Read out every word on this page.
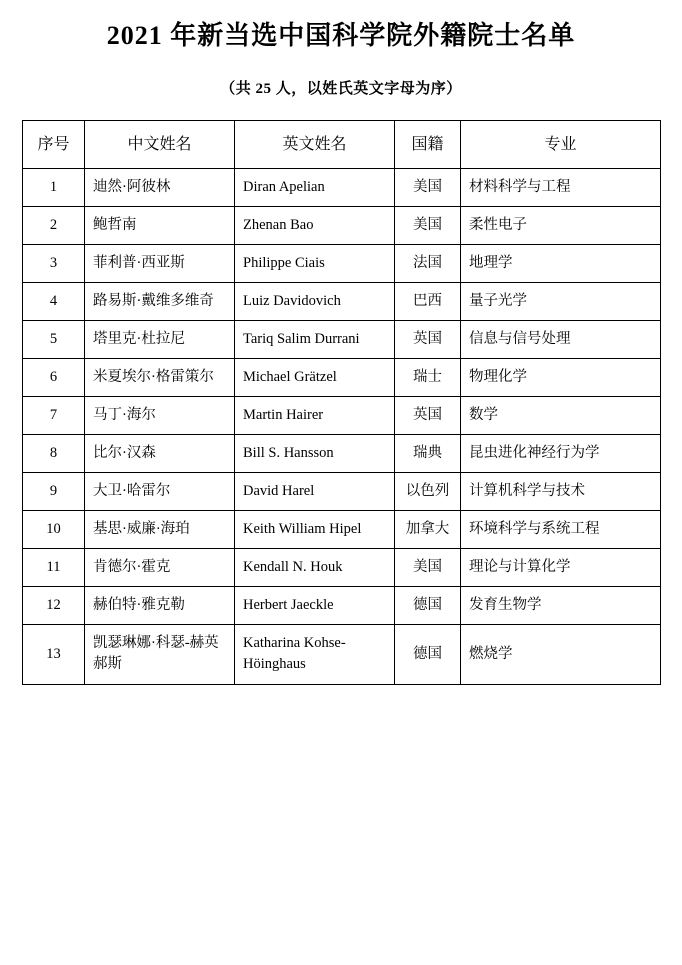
2021 年新当选中国科学院外籍院士名单
（共 25 人，以姓氏英文字母为序）
序号	中文姓名	英文姓名	国籍	专业
1	迪然·阿彼林	Diran Apelian	美国	材料科学与工程
2	鲍哲南	Zhenan Bao	美国	柔性电子
3	菲利普·西亚斯	Philippe Ciais	法国	地理学
4	路易斯·戴维多维奇	Luiz Davidovich	巴西	量子光学
5	塔里克·杜拉尼	Tariq Salim Durrani	英国	信息与信号处理
6	米夏埃尔·格雷策尔	Michael Grätzel	瑞士	物理化学
7	马丁·海尔	Martin Hairer	英国	数学
8	比尔·汉森	Bill S. Hansson	瑞典	昆虫进化神经行为学
9	大卫·哈雷尔	David Harel	以色列	计算机科学与技术
10	基思·威廉·海珀	Keith William Hipel	加拿大	环境科学与系统工程
11	肯德尔·霍克	Kendall N. Houk	美国	理论与计算化学
12	赫伯特·雅克勒	Herbert Jaeckle	德国	发育生物学
13	凯瑟琳娜·科瑟-赫英郝斯	Katharina Kohse-Höinghaus	德国	燃烧学
